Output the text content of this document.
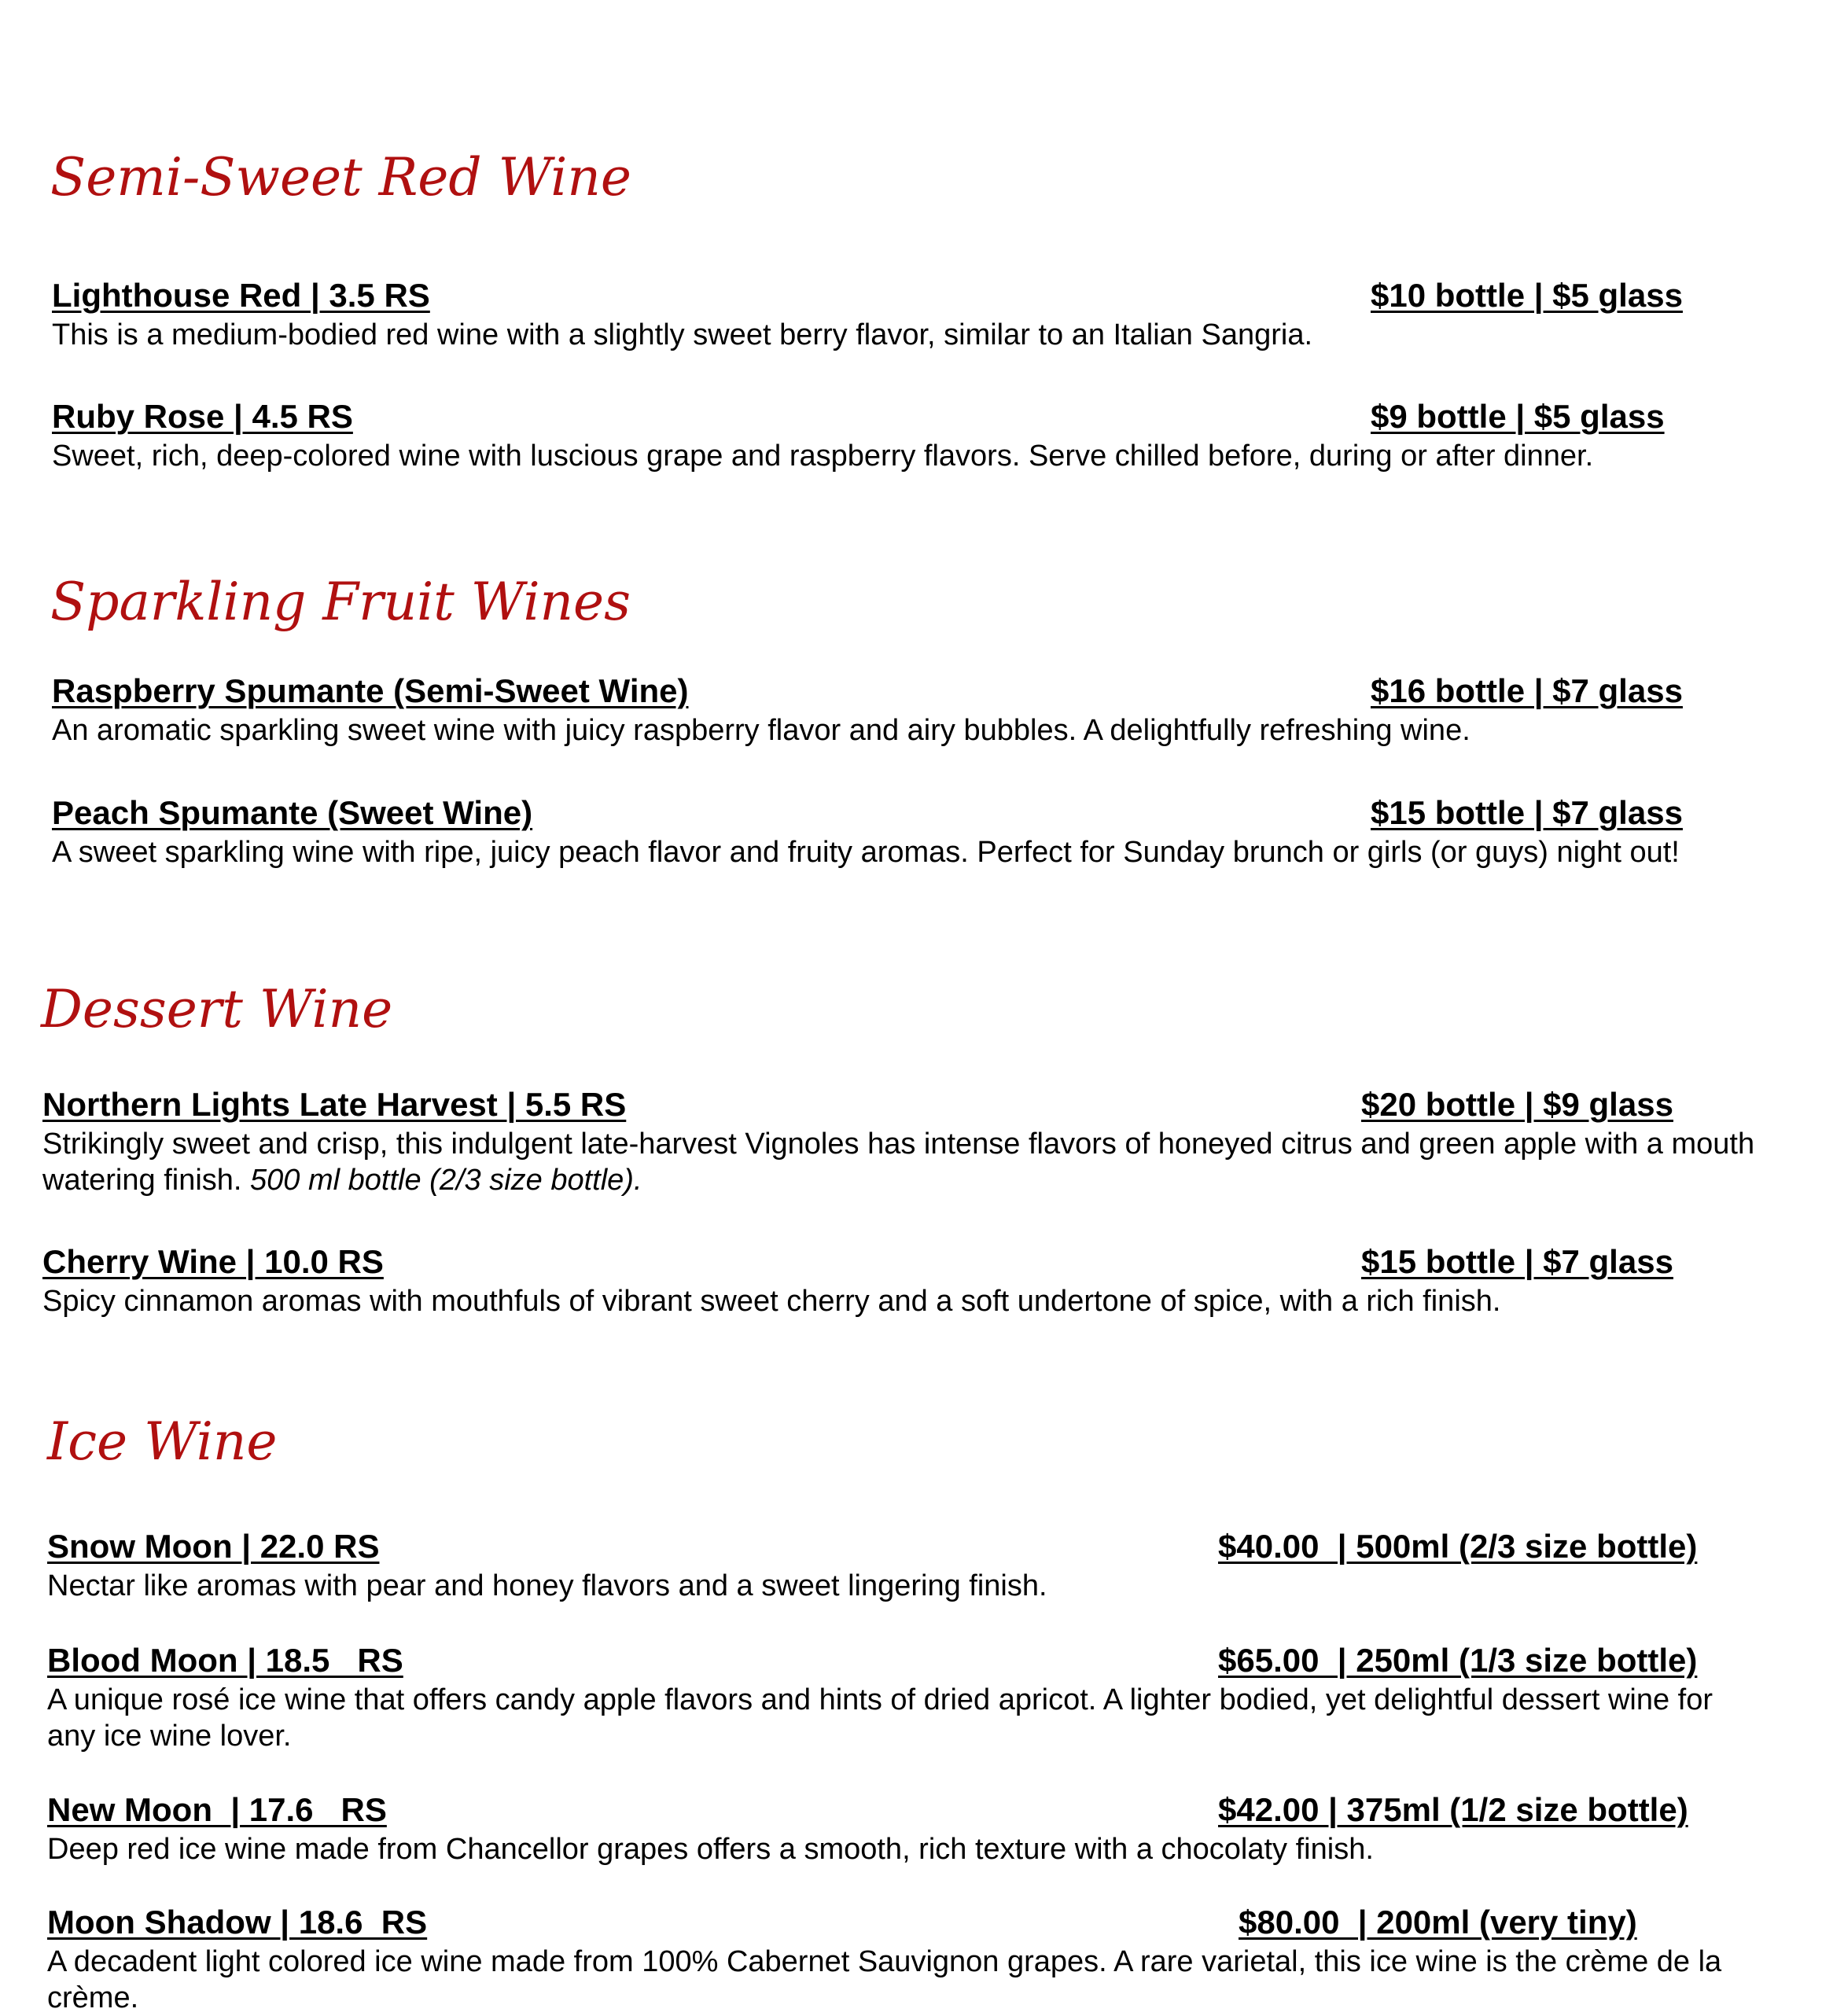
Semi-Sweet Red Wine
Lighthouse Red | 3.5 RS	$10 bottle | $5 glass

This is a medium-bodied red wine with a slightly sweet berry flavor, similar to an Italian Sangria.

Ruby Rose | 4.5 RS	$9 bottle | $5 glass

Sweet, rich, deep-colored wine with luscious grape and raspberry flavors. Serve chilled before, during or after dinner.

Sparkling Fruit Wines
Raspberry Spumante (Semi-Sweet Wine)	$16 bottle | $7 glass

An aromatic sparkling sweet wine with juicy raspberry flavor and airy bubbles. A delightfully refreshing wine.

Peach Spumante (Sweet Wine)	$15 bottle | $7 glass

A sweet sparkling wine with ripe, juicy peach flavor and fruity aromas. Perfect for Sunday brunch or girls (or guys) night out!

Dessert Wine
Northern Lights Late Harvest | 5.5 RS	$20 bottle | $9 glass

Strikingly sweet and crisp, this indulgent late-harvest Vignoles has intense flavors of honeyed citrus and green apple with a mouth watering finish. 500 ml bottle (2/3 size bottle).

Cherry Wine | 10.0 RS	$15 bottle | $7 glass

Spicy cinnamon aromas with mouthfuls of vibrant sweet cherry and a soft undertone of spice, with a rich finish.

Ice Wine
Snow Moon | 22.0 RS	$40.00  | 500ml (2/3 size bottle)

Nectar like aromas with pear and honey flavors and a sweet lingering finish.

Blood Moon | 18.5   RS	$65.00  | 250ml (1/3 size bottle)

A unique rosé ice wine that offers candy apple flavors and hints of dried apricot. A lighter bodied, yet delightful dessert wine for any ice wine lover.

New Moon  | 17.6   RS	$42.00 | 375ml (1/2 size bottle)

Deep red ice wine made from Chancellor grapes offers a smooth, rich texture with a chocolaty finish.

Moon Shadow | 18.6  RS	$80.00  | 200ml (very tiny)

A decadent light colored ice wine made from 100% Cabernet Sauvignon grapes. A rare varietal, this ice wine is the crème de la crème.
